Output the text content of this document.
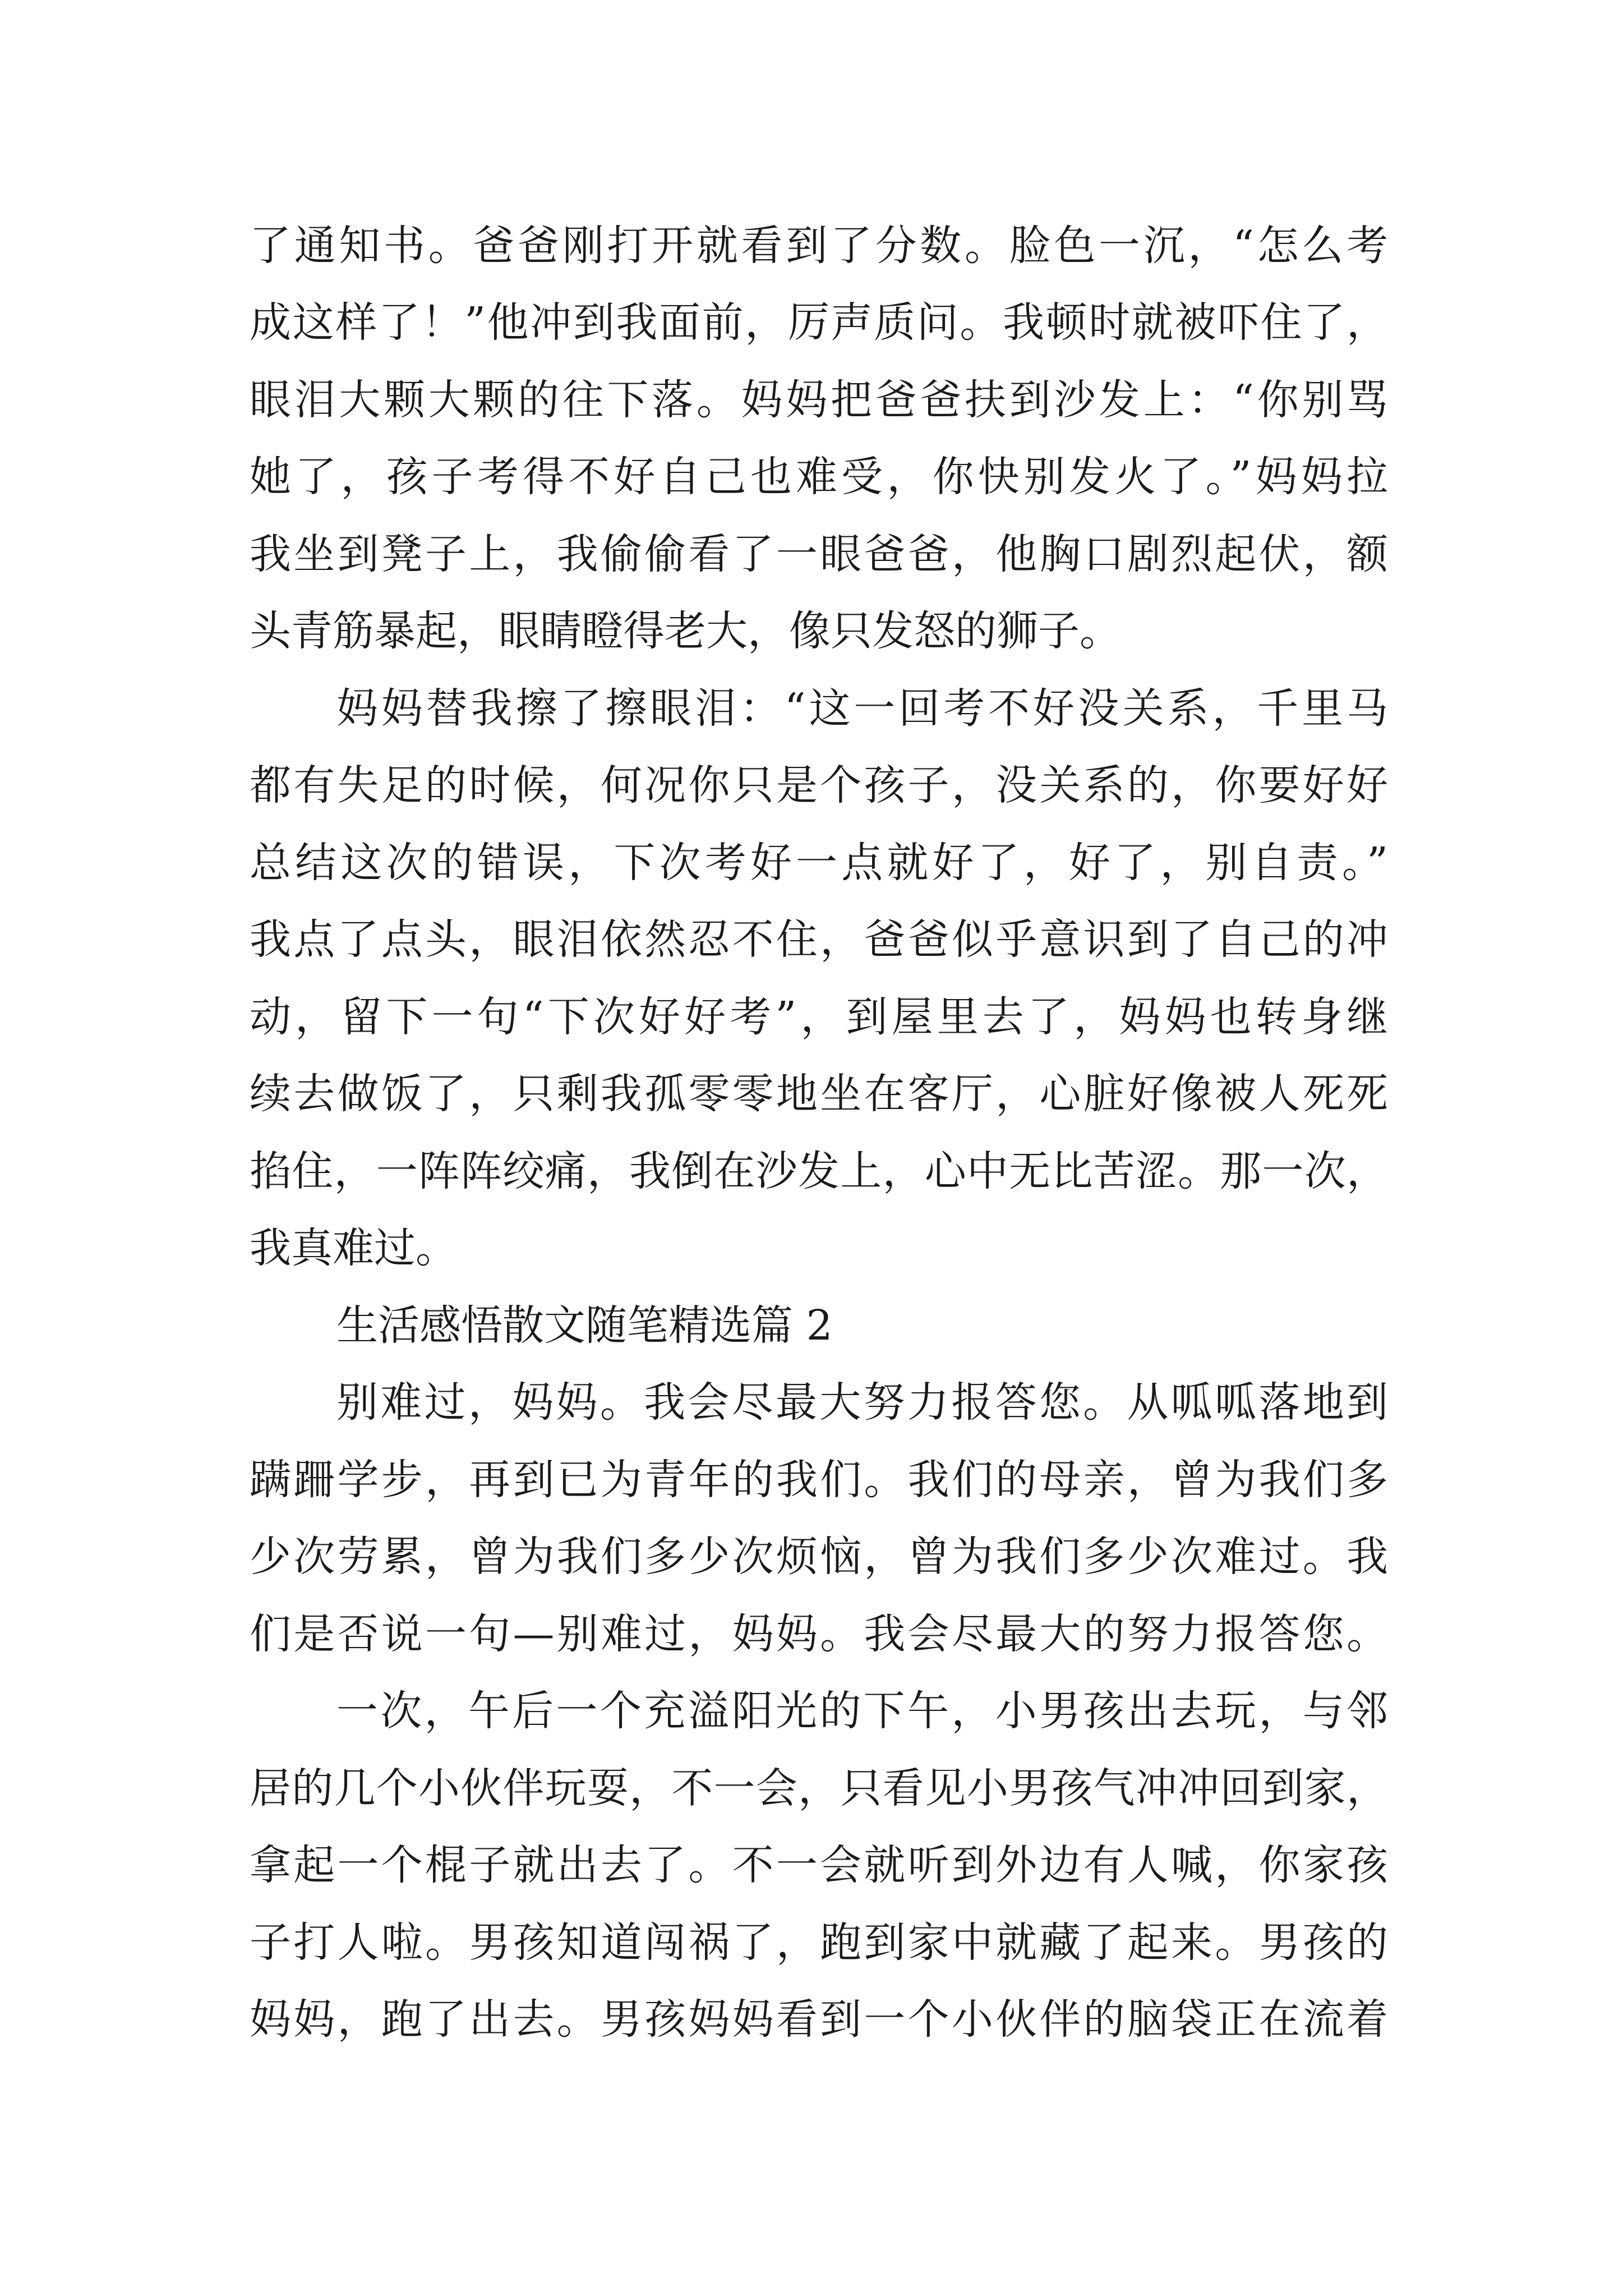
了通知书。爸爸刚打开就看到了分数。脸色一沉，“怎么考

成这样了！”他冲到我面前，厉声质问。我顿时就被吓住了，

眼泪大颗大颗的往下落。妈妈把爸爸扶到沙发上：“你别骂

她了，孩子考得不好自己也难受，你快别发火了。”妈妈拉

我坐到凳子上，我偷偷看了一眼爸爸，他胸口剧烈起伏，额

头青筋暴起，眼睛瞪得老大，像只发怒的狮子。

妈妈替我擦了擦眼泪：“这一回考不好没关系，千里马

都有失足的时候，何况你只是个孩子，没关系的，你要好好

总结这次的错误，下次考好一点就好了，好了，别自责。”

我点了点头，眼泪依然忍不住，爸爸似乎意识到了自己的冲

动，留下一句“下次好好考”，到屋里去了，妈妈也转身继

续去做饭了，只剩我孤零零地坐在客厅，心脏好像被人死死

掐住，一阵阵绞痛，我倒在沙发上，心中无比苦涩。那一次，

我真难过。

生活感悟散文随笔精选篇 2

别难过，妈妈。我会尽最大努力报答您。从呱呱落地到

蹒跚学步，再到已为青年的我们。我们的母亲，曾为我们多

少次劳累，曾为我们多少次烦恼，曾为我们多少次难过。我

们是否说一句—别难过，妈妈。我会尽最大的努力报答您。

一次，午后一个充溢阳光的下午，小男孩出去玩，与邻

居的几个小伙伴玩耍，不一会，只看见小男孩气冲冲回到家，

拿起一个棍子就出去了。不一会就听到外边有人喊，你家孩

子打人啦。男孩知道闯祸了，跑到家中就藏了起来。男孩的

妈妈，跑了出去。男孩妈妈看到一个小伙伴的脑袋正在流着
